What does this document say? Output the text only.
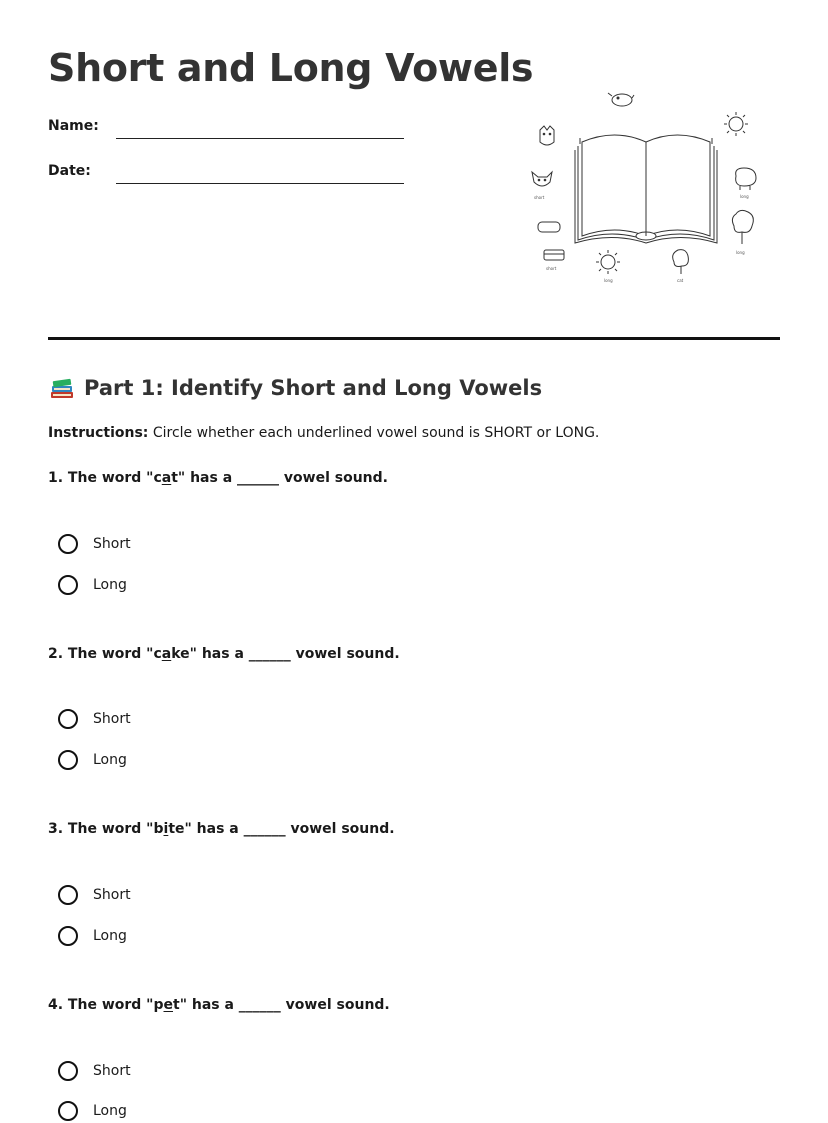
Short and Long Vowels
Name:
Date:
short	long
long
short
long	cat
Part 1: Identify Short and Long Vowels
Instructions: Circle whether each underlined vowel sound is SHORT or LONG.
1. The word "cat" has a ______ vowel sound.
Short
Long
2. The word "cake" has a ______ vowel sound.
Short
Long
3. The word "bite" has a ______ vowel sound.
Short
Long
4. The word "pet" has a ______ vowel sound.
Short
Long
